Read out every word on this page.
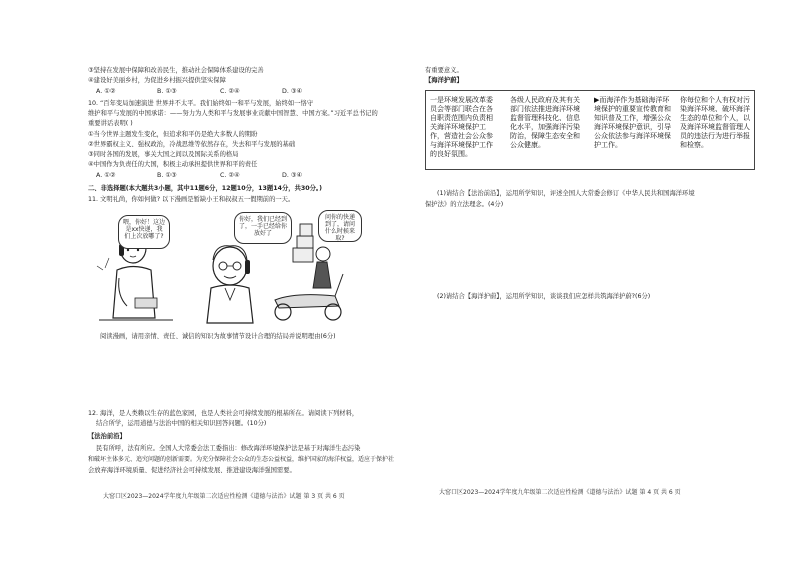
③坚持在发展中保障和改善民生，推动社会保障体系建设的完善
④建设好美丽乡村，为促进乡村振兴提供坚实保障
A. ①②	B. ①③	C. ②④	D. ③④
10. “百年变局加速演进 世界并不太平。我们始终如一和平与发展，始终如一恪守
维护和平与发展的中国承诺：——努力为人类和平与发展事业贡献中国智慧、中国方案。”习近平总书记的
重要讲话表明( )
①当今世界主题发生变化，但追求和平仍是绝大多数人的期盼
②世界霸权主义、强权政治，冷战思维等依然存在，失去和平与发展的基础
③同时各国的发展，事关大国之间以及国际关系的格局
④中国作为负责任的大国，积极主动承担提供世界和平的责任
A. ①②	B. ①③	C. ②④	D. ③④
二、非选择题(本大题共3小题，其中11题6分，12题10分，13题14分，共30分。)
11. 文明礼尚，你如何做? 以下漫画是暂缺小王和叔叔五一假期前的一天。
喂，你好！这边是xx快递，我们上次放哪了?
你好，我们已经到了，一手已经给你放好了
问你的快递到了，请问什么时候来取?
阅读漫画，请用亲情、责任、诚信的知识为故事情节设计合理的结局并说明理由(6分)
12. 海洋，是人类赖以生存的蓝色家园，也是人类社会可持续发展的根基所在。请阅读下列材料，
结合所学，运用道德与法治中国的相关知识回答问题。(10分)
【法治前沿】
民有所呼，法有所应。全国人大常委会法工委指出：修改海洋环境保护法是基于对海洋生态污染
和破坏主体多元、追究问题的创新需要。为充分保障社会公众的生态公益权益，维护国家的海洋权益，适应于保护社
会放弃海洋环境质量、促进经济社会可持续发展、推进建设海洋强国需要。
大窑口区2023—2024学年度九年级第二次适应性检测《道德与法治》试题 第 3 页 共 6 页
有重要意义。
【海洋护蔚】
一是环境发展改革委员会等部门联合在各自职责范围内负责相关海洋环境保护工作，营造社会公众参与海洋环境保护工作的良好氛围。
各级人民政府及其有关部门依法推进海洋环境监督管理科技化、信息化水平，加强海洋污染防治，保障生态安全和公众健康。
▶而海洋作为基础海洋环境保护的重要宣传教育和知识普及工作，增强公众海洋环境保护意识，引导公众依法参与海洋环境保护工作。
你每位和个人有权对污染海洋环境、破坏海洋生态的单位和个人，以及海洋环境监督管理人员的违法行为进行举报和检察。
(1)请结合【法治前沿】，运用所学知识，评述全国人大常委会修订《中华人民共和国海洋环境
保护法》的立法理念。(4分)
(2)请结合【海洋护蔚】，运用所学知识，谈谈我们应怎样共筑海洋护蔚?(6分)
大窑口区2023—2024学年度九年级第二次适应性检测《道德与法治》试题 第 4 页 共 6 页
